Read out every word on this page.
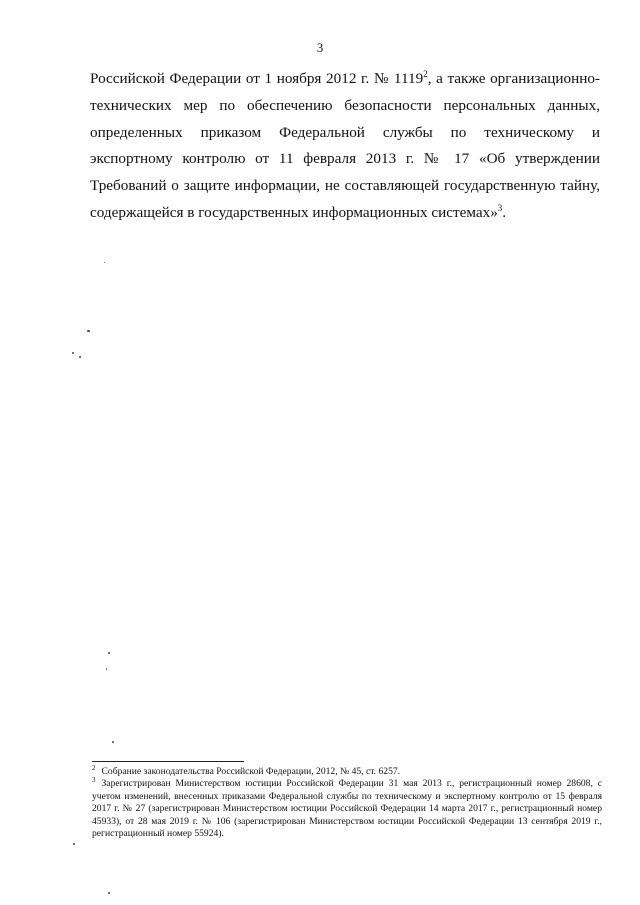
3

Российской Федерации от 1 ноября 2012 г. № 1119$^2$, а также организационно-технических мер по обеспечению безопасности персональных данных, определенных приказом Федеральной службы по техническому и экспортному контролю от 11 февраля 2013 г. № 17 «Об утверждении Требований о защите информации, не составляющей государственную тайну, содержащейся в государственных информационных системах»$^3$.

$^2$ Собрание законодательства Российской Федерации, 2012, № 45, ст. 6257.

$^3$ Зарегистрирован Министерством юстиции Российской Федерации 31 мая 2013 г., регистрационный номер 28608, с учетом изменений, внесенных приказами Федеральной службы по техническому и экспертному контролю от 15 февраля 2017 г. № 27 (зарегистрирован Министерством юстиции Российской Федерации 14 марта 2017 г., регистрационный номер 45933), от 28 мая 2019 г. № 106 (зарегистрирован Министерством юстиции Российской Федерации 13 сентября 2019 г., регистрационный номер 55924).
